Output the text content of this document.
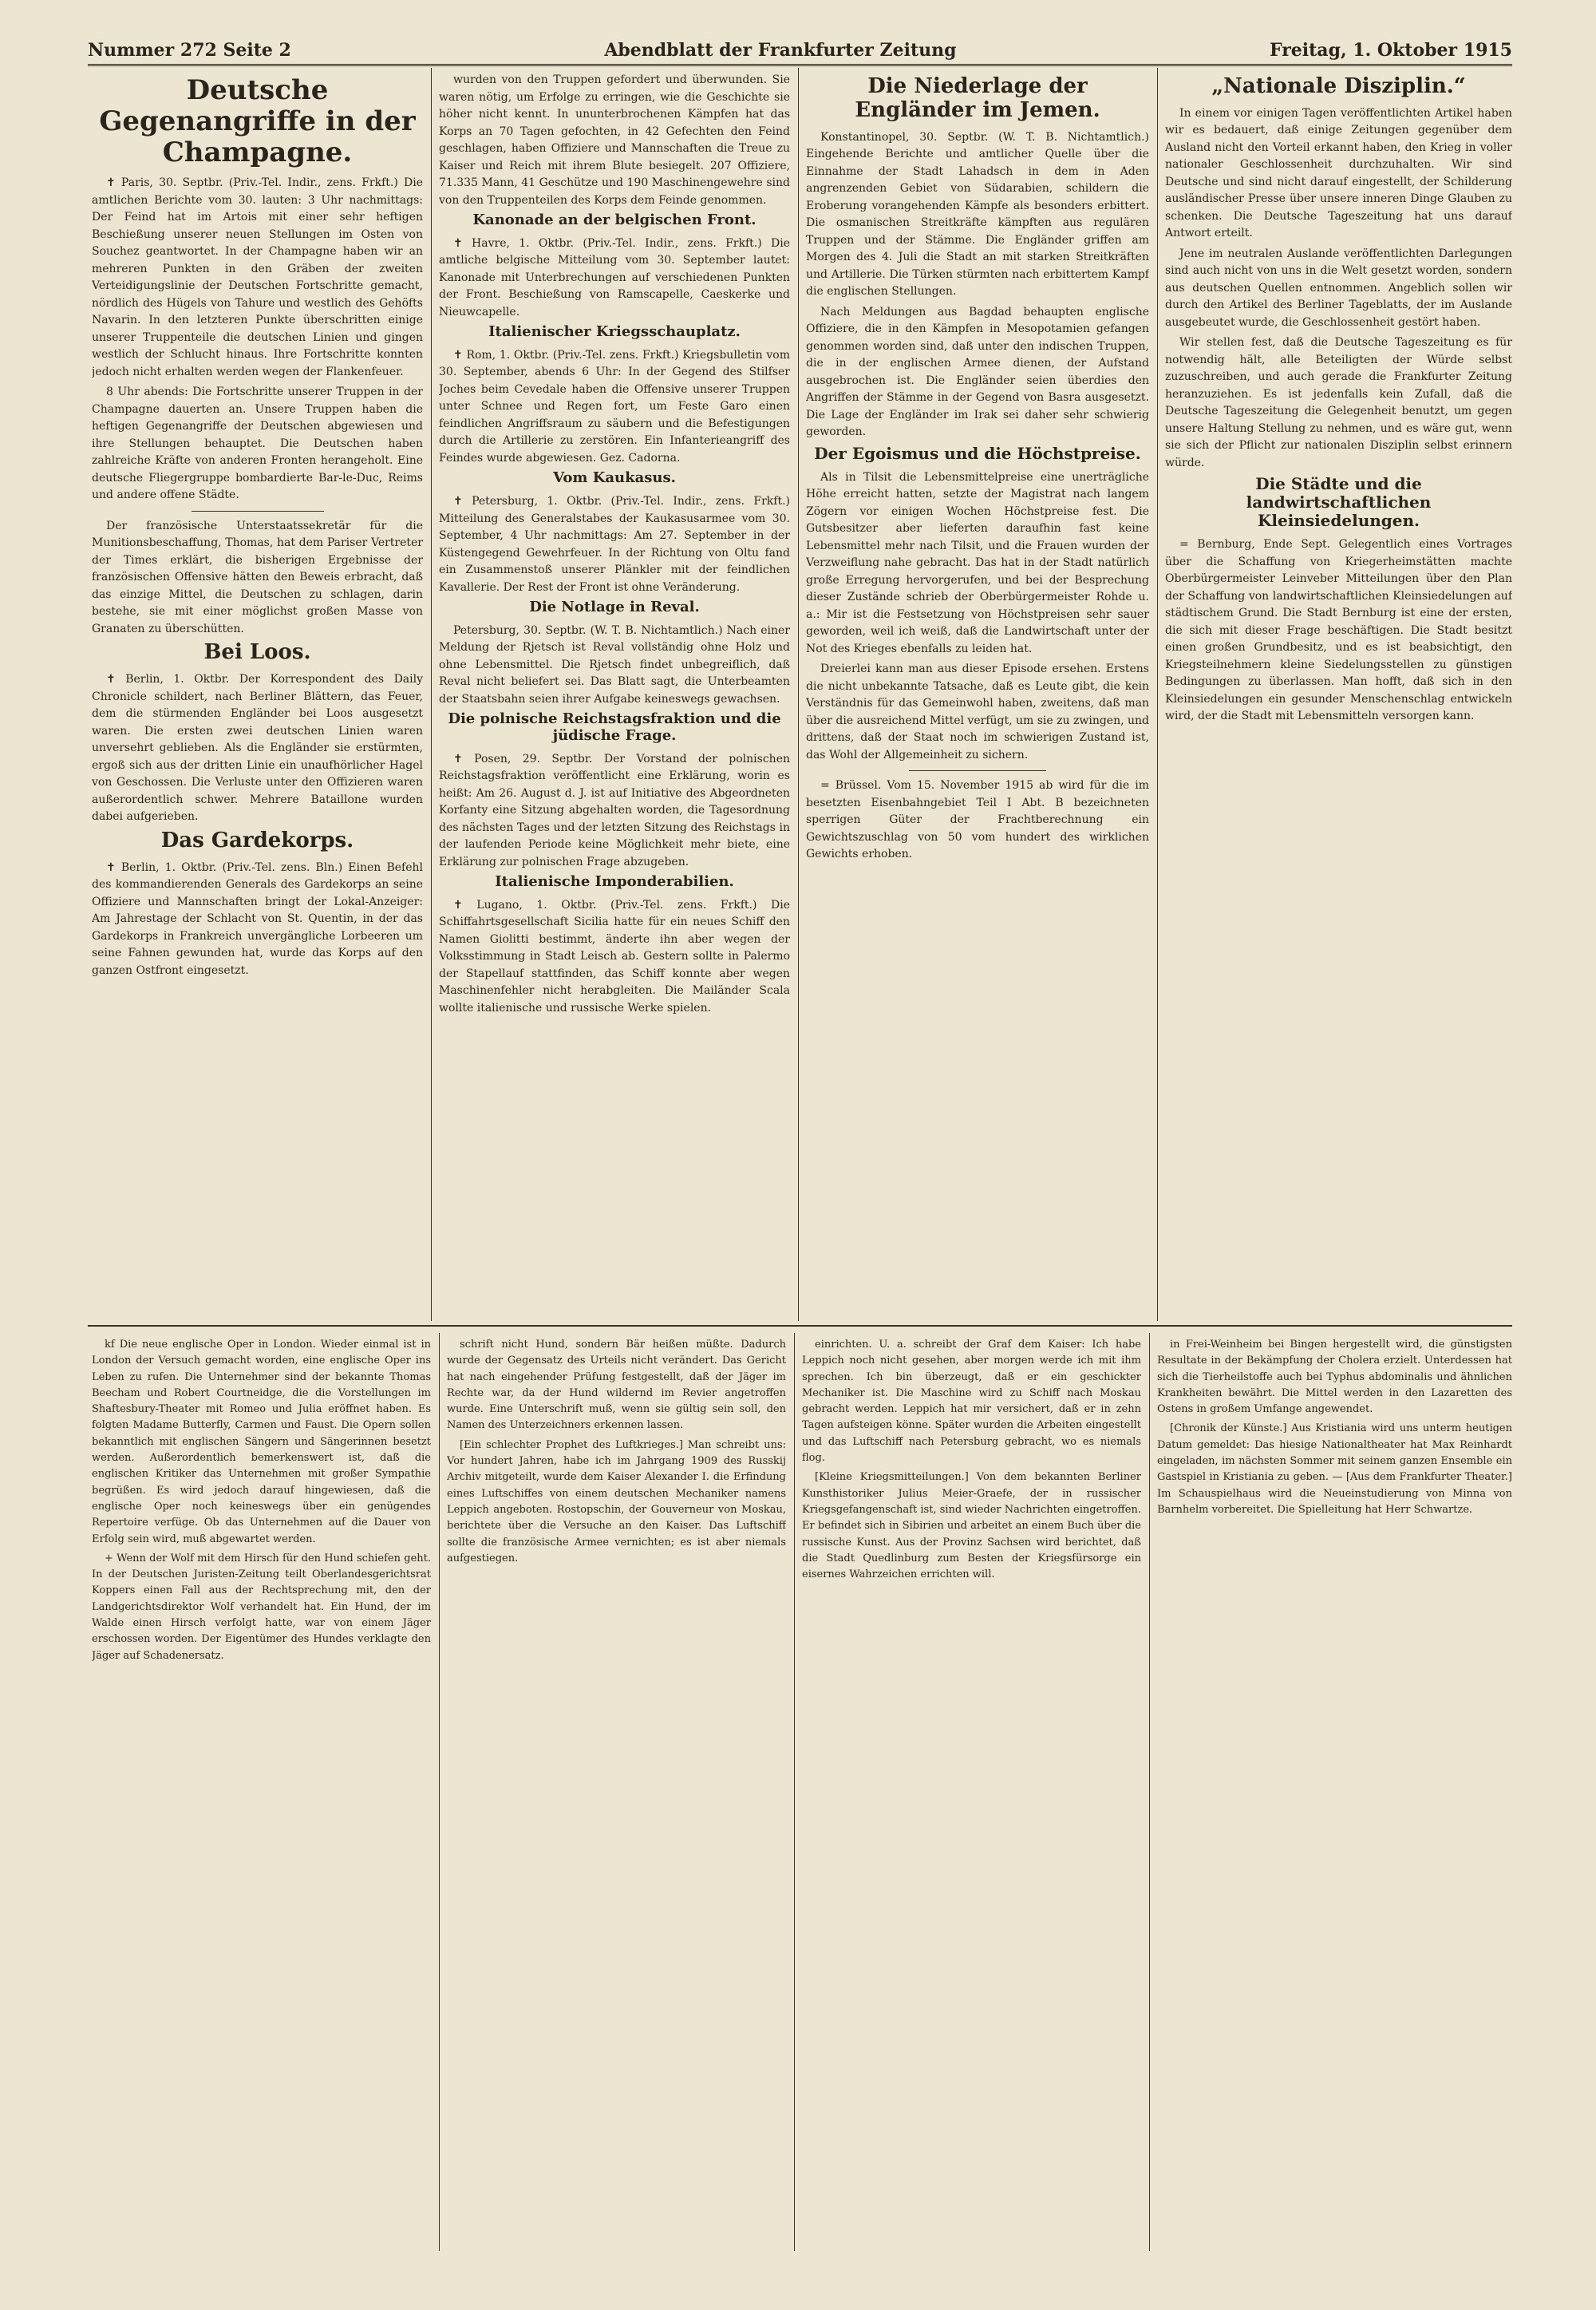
Nummer 272 Seite 2	Abendblatt der Frankfurter Zeitung	Freitag, 1. Oktober 1915
Deutsche Gegenangriffe in der Champagne.

✝ Paris, 30. Septbr. (Priv.-Tel. Indir., zens. Frkft.) Die amtlichen Berichte vom 30. lauten: 3 Uhr nachmittags: Der Feind hat im Artois mit einer sehr heftigen Beschießung unserer neuen Stellungen im Osten von Souchez geantwortet. In der Champagne haben wir an mehreren Punkten in den Gräben der zweiten Verteidigungslinie der Deutschen Fortschritte gemacht, nördlich des Hügels von Tahure und westlich des Gehöfts Navarin. In den letzteren Punkte überschritten einige unserer Truppenteile die deutschen Linien und gingen westlich der Schlucht hinaus. Ihre Fortschritte konnten jedoch nicht erhalten werden wegen der Flankenfeuer.

8 Uhr abends: Die Fortschritte unserer Truppen in der Champagne dauerten an. Unsere Truppen haben die heftigen Gegenangriffe der Deutschen abgewiesen und ihre Stellungen behauptet. Die Deutschen haben zahlreiche Kräfte von anderen Fronten herangeholt. Eine deutsche Fliegergruppe bombardierte Bar-le-Duc, Reims und andere offene Städte.

Der französische Unterstaatssekretär für die Munitionsbeschaffung, Thomas, hat dem Pariser Vertreter der Times erklärt, die bisherigen Ergebnisse der französischen Offensive hätten den Beweis erbracht, daß das einzige Mittel, die Deutschen zu schlagen, darin bestehe, sie mit einer möglichst großen Masse von Granaten zu überschütten.

Bei Loos.

✝ Berlin, 1. Oktbr. Der Korrespondent des Daily Chronicle schildert, nach Berliner Blättern, das Feuer, dem die stürmenden Engländer bei Loos ausgesetzt waren. Die ersten zwei deutschen Linien waren unversehrt geblieben. Als die Engländer sie erstürmten, ergoß sich aus der dritten Linie ein unaufhörlicher Hagel von Geschossen. Die Verluste unter den Offizieren waren außerordentlich schwer. Mehrere Bataillone wurden dabei aufgerieben.

Das Gardekorps.

✝ Berlin, 1. Oktbr. (Priv.-Tel. zens. Bln.) Einen Befehl des kommandierenden Generals des Gardekorps an seine Offiziere und Mannschaften bringt der Lokal-Anzeiger: Am Jahrestage der Schlacht von St. Quentin, in der das Gardekorps in Frankreich unvergängliche Lorbeeren um seine Fahnen gewunden hat, wurde das Korps auf den ganzen Ostfront eingesetzt.

wurden von den Truppen gefordert und überwunden. Sie waren nötig, um Erfolge zu erringen, wie die Geschichte sie höher nicht kennt. In ununterbrochenen Kämpfen hat das Korps an 70 Tagen gefochten, in 42 Gefechten den Feind geschlagen, haben Offiziere und Mannschaften die Treue zu Kaiser und Reich mit ihrem Blute besiegelt. 207 Offiziere, 71.335 Mann, 41 Geschütze und 190 Maschinengewehre sind von den Truppenteilen des Korps dem Feinde genommen.

Kanonade an der belgischen Front.

✝ Havre, 1. Oktbr. (Priv.-Tel. Indir., zens. Frkft.) Die amtliche belgische Mitteilung vom 30. September lautet: Kanonade mit Unterbrechungen auf verschiedenen Punkten der Front. Beschießung von Ramscapelle, Caeskerke und Nieuwcapelle.

Italienischer Kriegsschauplatz.

✝ Rom, 1. Oktbr. (Priv.-Tel. zens. Frkft.) Kriegsbulletin vom 30. September, abends 6 Uhr: In der Gegend des Stilfser Joches beim Cevedale haben die Offensive unserer Truppen unter Schnee und Regen fort, um Feste Garo einen feindlichen Angriffsraum zu säubern und die Befestigungen durch die Artillerie zu zerstören. Ein Infanterieangriff des Feindes wurde abgewiesen. Gez. Cadorna.

Vom Kaukasus.

✝ Petersburg, 1. Oktbr. (Priv.-Tel. Indir., zens. Frkft.) Mitteilung des Generalstabes der Kaukasusarmee vom 30. September, 4 Uhr nachmittags: Am 27. September in der Küstengegend Gewehrfeuer. In der Richtung von Oltu fand ein Zusammenstoß unserer Plänkler mit der feindlichen Kavallerie. Der Rest der Front ist ohne Veränderung.

Die Notlage in Reval.

Petersburg, 30. Septbr. (W. T. B. Nichtamtlich.) Nach einer Meldung der Rjetsch ist Reval vollständig ohne Holz und ohne Lebensmittel. Die Rjetsch findet unbegreiflich, daß Reval nicht beliefert sei. Das Blatt sagt, die Unterbeamten der Staatsbahn seien ihrer Aufgabe keineswegs gewachsen.

Die polnische Reichstagsfraktion und die jüdische Frage.

✝ Posen, 29. Septbr. Der Vorstand der polnischen Reichstagsfraktion veröffentlicht eine Erklärung, worin es heißt: Am 26. August d. J. ist auf Initiative des Abgeordneten Korfanty eine Sitzung abgehalten worden, die Tagesordnung des nächsten Tages und der letzten Sitzung des Reichstags in der laufenden Periode keine Möglichkeit mehr biete, eine Erklärung zur polnischen Frage abzugeben.

Italienische Imponderabilien.

✝ Lugano, 1. Oktbr. (Priv.-Tel. zens. Frkft.) Die Schiffahrtsgesellschaft Sicilia hatte für ein neues Schiff den Namen Giolitti bestimmt, änderte ihn aber wegen der Volksstimmung in Stadt Leisch ab. Gestern sollte in Palermo der Stapellauf stattfinden, das Schiff konnte aber wegen Maschinenfehler nicht herabgleiten. Die Mailänder Scala wollte italienische und russische Werke spielen.

Die Niederlage der Engländer im Jemen.

Konstantinopel, 30. Septbr. (W. T. B. Nichtamtlich.) Eingehende Berichte und amtlicher Quelle über die Einnahme der Stadt Lahadsch in dem in Aden angrenzenden Gebiet von Südarabien, schildern die Eroberung vorangehenden Kämpfe als besonders erbittert. Die osmanischen Streitkräfte kämpften aus regulären Truppen und der Stämme. Die Engländer griffen am Morgen des 4. Juli die Stadt an mit starken Streitkräften und Artillerie. Die Türken stürmten nach erbittertem Kampf die englischen Stellungen.

Nach Meldungen aus Bagdad behaupten englische Offiziere, die in den Kämpfen in Mesopotamien gefangen genommen worden sind, daß unter den indischen Truppen, die in der englischen Armee dienen, der Aufstand ausgebrochen ist. Die Engländer seien überdies den Angriffen der Stämme in der Gegend von Basra ausgesetzt. Die Lage der Engländer im Irak sei daher sehr schwierig geworden.

Der Egoismus und die Höchstpreise.

Als in Tilsit die Lebensmittelpreise eine unerträgliche Höhe erreicht hatten, setzte der Magistrat nach langem Zögern vor einigen Wochen Höchstpreise fest. Die Gutsbesitzer aber lieferten daraufhin fast keine Lebensmittel mehr nach Tilsit, und die Frauen wurden der Verzweiflung nahe gebracht. Das hat in der Stadt natürlich große Erregung hervorgerufen, und bei der Besprechung dieser Zustände schrieb der Oberbürgermeister Rohde u. a.: Mir ist die Festsetzung von Höchstpreisen sehr sauer geworden, weil ich weiß, daß die Landwirtschaft unter der Not des Krieges ebenfalls zu leiden hat.

Dreierlei kann man aus dieser Episode ersehen. Erstens die nicht unbekannte Tatsache, daß es Leute gibt, die kein Verständnis für das Gemeinwohl haben, zweitens, daß man über die ausreichend Mittel verfügt, um sie zu zwingen, und drittens, daß der Staat noch im schwierigen Zustand ist, das Wohl der Allgemeinheit zu sichern.

= Brüssel. Vom 15. November 1915 ab wird für die im besetzten Eisenbahngebiet Teil I Abt. B bezeichneten sperrigen Güter der Frachtberechnung ein Gewichtszuschlag von 50 vom hundert des wirklichen Gewichts erhoben.

„Nationale Disziplin.“

In einem vor einigen Tagen veröffentlichten Artikel haben wir es bedauert, daß einige Zeitungen gegenüber dem Ausland nicht den Vorteil erkannt haben, den Krieg in voller nationaler Geschlossenheit durchzuhalten. Wir sind Deutsche und sind nicht darauf eingestellt, der Schilderung ausländischer Presse über unsere inneren Dinge Glauben zu schenken. Die Deutsche Tageszeitung hat uns darauf Antwort erteilt.

Jene im neutralen Auslande veröffentlichten Darlegungen sind auch nicht von uns in die Welt gesetzt worden, sondern aus deutschen Quellen entnommen. Angeblich sollen wir durch den Artikel des Berliner Tageblatts, der im Auslande ausgebeutet wurde, die Geschlossenheit gestört haben.

Wir stellen fest, daß die Deutsche Tageszeitung es für notwendig hält, alle Beteiligten der Würde selbst zuzuschreiben, und auch gerade die Frankfurter Zeitung heranzuziehen. Es ist jedenfalls kein Zufall, daß die Deutsche Tageszeitung die Gelegenheit benutzt, um gegen unsere Haltung Stellung zu nehmen, und es wäre gut, wenn sie sich der Pflicht zur nationalen Disziplin selbst erinnern würde.

Die Städte und die landwirtschaftlichen Kleinsiedelungen.

= Bernburg, Ende Sept. Gelegentlich eines Vortrages über die Schaffung von Kriegerheimstätten machte Oberbürgermeister Leinveber Mitteilungen über den Plan der Schaffung von landwirtschaftlichen Kleinsiedelungen auf städtischem Grund. Die Stadt Bernburg ist eine der ersten, die sich mit dieser Frage beschäftigen. Die Stadt besitzt einen großen Grundbesitz, und es ist beabsichtigt, den Kriegsteilnehmern kleine Siedelungsstellen zu günstigen Bedingungen zu überlassen. Man hofft, daß sich in den Kleinsiedelungen ein gesunder Menschenschlag entwickeln wird, der die Stadt mit Lebensmitteln versorgen kann.

kf Die neue englische Oper in London. Wieder einmal ist in London der Versuch gemacht worden, eine englische Oper ins Leben zu rufen. Die Unternehmer sind der bekannte Thomas Beecham und Robert Courtneidge, die die Vorstellungen im Shaftesbury-Theater mit Romeo und Julia eröffnet haben. Es folgten Madame Butterfly, Carmen und Faust. Die Opern sollen bekanntlich mit englischen Sängern und Sängerinnen besetzt werden. Außerordentlich bemerkenswert ist, daß die englischen Kritiker das Unternehmen mit großer Sympathie begrüßen. Es wird jedoch darauf hingewiesen, daß die englische Oper noch keineswegs über ein genügendes Repertoire verfüge. Ob das Unternehmen auf die Dauer von Erfolg sein wird, muß abgewartet werden.

+ Wenn der Wolf mit dem Hirsch für den Hund schiefen geht. In der Deutschen Juristen-Zeitung teilt Oberlandesgerichtsrat Koppers einen Fall aus der Rechtsprechung mit, den der Landgerichtsdirektor Wolf verhandelt hat. Ein Hund, der im Walde einen Hirsch verfolgt hatte, war von einem Jäger erschossen worden. Der Eigentümer des Hundes verklagte den Jäger auf Schadenersatz.

schrift nicht Hund, sondern Bär heißen müßte. Dadurch wurde der Gegensatz des Urteils nicht verändert. Das Gericht hat nach eingehender Prüfung festgestellt, daß der Jäger im Rechte war, da der Hund wildernd im Revier angetroffen wurde. Eine Unterschrift muß, wenn sie gültig sein soll, den Namen des Unterzeichners erkennen lassen.

[Ein schlechter Prophet des Luftkrieges.] Man schreibt uns: Vor hundert Jahren, habe ich im Jahrgang 1909 des Russkij Archiv mitgeteilt, wurde dem Kaiser Alexander I. die Erfindung eines Luftschiffes von einem deutschen Mechaniker namens Leppich angeboten. Rostopschin, der Gouverneur von Moskau, berichtete über die Versuche an den Kaiser. Das Luftschiff sollte die französische Armee vernichten; es ist aber niemals aufgestiegen.

einrichten. U. a. schreibt der Graf dem Kaiser: Ich habe Leppich noch nicht gesehen, aber morgen werde ich mit ihm sprechen. Ich bin überzeugt, daß er ein geschickter Mechaniker ist. Die Maschine wird zu Schiff nach Moskau gebracht werden. Leppich hat mir versichert, daß er in zehn Tagen aufsteigen könne. Später wurden die Arbeiten eingestellt und das Luftschiff nach Petersburg gebracht, wo es niemals flog.

[Kleine Kriegsmitteilungen.] Von dem bekannten Berliner Kunsthistoriker Julius Meier-Graefe, der in russischer Kriegsgefangenschaft ist, sind wieder Nachrichten eingetroffen. Er befindet sich in Sibirien und arbeitet an einem Buch über die russische Kunst. Aus der Provinz Sachsen wird berichtet, daß die Stadt Quedlinburg zum Besten der Kriegsfürsorge ein eisernes Wahrzeichen errichten will.

in Frei-Weinheim bei Bingen hergestellt wird, die günstigsten Resultate in der Bekämpfung der Cholera erzielt. Unterdessen hat sich die Tierheilstoffe auch bei Typhus abdominalis und ähnlichen Krankheiten bewährt. Die Mittel werden in den Lazaretten des Ostens in großem Umfange angewendet.

[Chronik der Künste.] Aus Kristiania wird uns unterm heutigen Datum gemeldet: Das hiesige Nationaltheater hat Max Reinhardt eingeladen, im nächsten Sommer mit seinem ganzen Ensemble ein Gastspiel in Kristiania zu geben. — [Aus dem Frankfurter Theater.] Im Schauspielhaus wird die Neueinstudierung von Minna von Barnhelm vorbereitet. Die Spielleitung hat Herr Schwartze.
